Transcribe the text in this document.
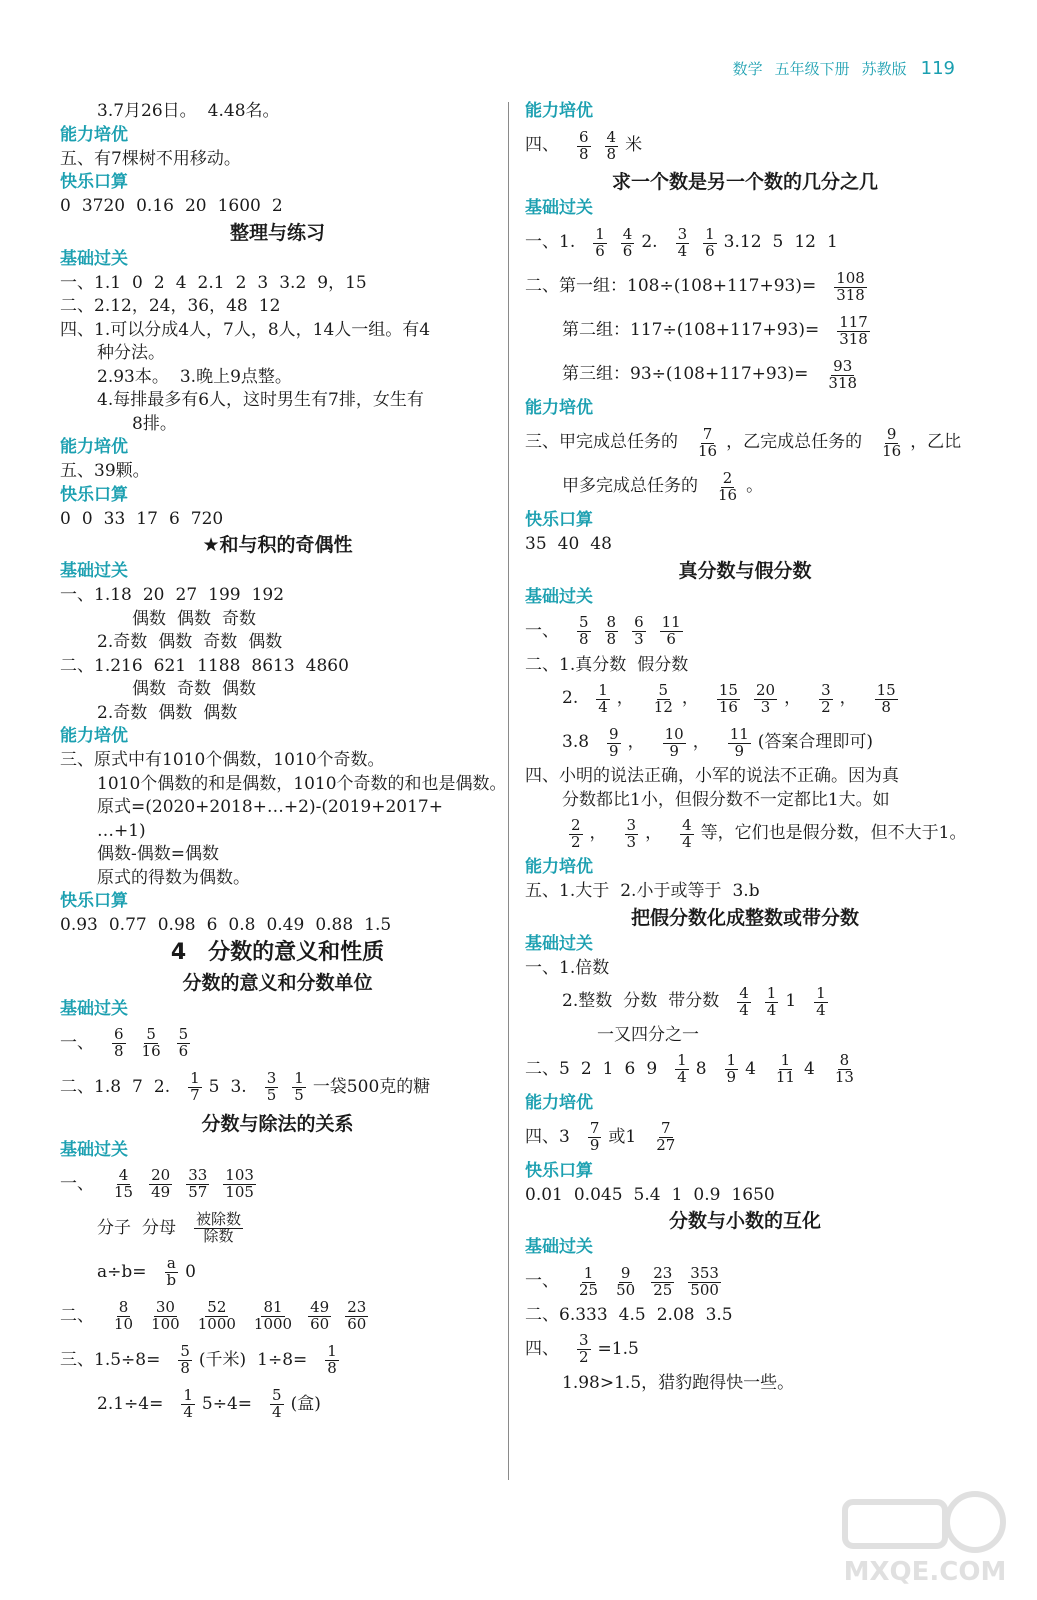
数学 五年级下册 苏教版 119
3.7月26日。 4.48名。
能力培优
五、有7棵树不用移动。
快乐口算
0 3720 0.16 20 1600 2
整理与练习
基础过关
一、1.1 0 2 4 2.1 2 3 3.2 9，15
二、2.12，24，36，48 12
四、1.可以分成4人，7人，8人，14人一组。有4
种分法。
2.93本。 3.晚上9点整。
4.每排最多有6人，这时男生有7排，女生有
8排。
能力培优
五、39颗。
快乐口算
0 0 33 17 6 720
★和与积的奇偶性
基础过关
一、1.18 20 27 199 192
偶数 偶数 奇数
2.奇数 偶数 奇数 偶数
二、1.216 621 1188 8613 4860
偶数 奇数 偶数
2.奇数 偶数 偶数
能力培优
三、原式中有1010个偶数，1010个奇数。
1010个偶数的和是偶数，1010个奇数的和也是偶数。
原式=(2020+2018+…+2)-(2019+2017+
…+1)
偶数-偶数=偶数
原式的得数为偶数。
快乐口算
0.93 0.77 0.98 6 0.8 0.49 0.88 1.5
4　分数的意义和性质
分数的意义和分数单位
基础过关
一、 $\frac{6}{8} \frac{5}{16} \frac{5}{6}$
二、1.8 7 2. $\frac{1}{7} 5$ 3. $\frac{3}{5} \frac{1}{5}$ 一袋500克的糖
分数与除法的关系
基础过关
一、 $\frac{4}{15} \frac{20}{49} \frac{33}{57} \frac{103}{105}$
分子 分母 $\frac{\text{被除数}}{\text{除数}}$
$a\div b= \frac{a}{b} 0$
二、 $\frac{8}{10} \frac{30}{100} \frac{52}{1000} \frac{81}{1000} \frac{49}{60} \frac{23}{60}$
三、$1.5\div 8= \frac{5}{8}$ (千米) $1\div 8= \frac{1}{8}$
$2.1\div 4= \frac{1}{4} 5\div 4= \frac{5}{4}$ (盒)
能力培优
四、 $\frac{6}{8} \frac{4}{8}$ 米
求一个数是另一个数的几分之几
基础过关
一、1. $\frac{1}{6} \frac{4}{6} 2$. $\frac{3}{4} \frac{1}{6} 3.12$ 5 12 1
二、第一组：$108\div(108+117+93)= \frac{108}{318}$
第二组：$117\div(108+117+93)= \frac{117}{318}$
第三组：$93\div(108+117+93)= \frac{93}{318}$
能力培优
三、甲完成总任务的 $\frac{7}{16}$ ，乙完成总任务的 $\frac{9}{16}$ ，乙比
甲多完成总任务的 $\frac{2}{16}$ 。
快乐口算
35 40 48
真分数与假分数
基础过关
一、 $\frac{5}{8} \frac{8}{8} \frac{6}{3} \frac{11}{6}$
二、1.真分数 假分数
2. $\frac{1}{4}$ ， $\frac{5}{12}$ ， $\frac{15}{16} \frac{20}{3}$ ， $\frac{3}{2}$ ， $\frac{15}{8}$
$3.8 \frac{9}{9}$ ， $\frac{10}{9}$ ， $\frac{11}{9}$ (答案合理即可)
四、小明的说法正确，小军的说法不正确。因为真
分数都比1小，但假分数不一定都比1大。如
$\frac{2}{2}$ ， $\frac{3}{3}$ ， $\frac{4}{4}$ 等，它们也是假分数，但不大于1。
能力培优
五、1.大于 2.小于或等于 3.b
把假分数化成整数或带分数
基础过关
一、1.倍数
2.整数 分数 带分数 $\frac{4}{4} \frac{1}{4} 1 \frac{1}{4}$
一又四分之一
二、5 2 1 6 $9 \frac{1}{4} 8 \frac{1}{9} 4 \frac{1}{11} 4 \frac{8}{13}$
能力培优
四、$3 \frac{7}{9}$ 或$1 \frac{7}{27}$
快乐口算
0.01 0.045 5.4 1 0.9 1650
分数与小数的互化
基础过关
一、 $\frac{1}{25} \frac{9}{50} \frac{23}{25} \frac{353}{500}$
二、6.333 4.5 2.08 3.5
四、 $\frac{3}{2} =1.5$
1.98>1.5，猎豹跑得快一些。
MXQE.COM
